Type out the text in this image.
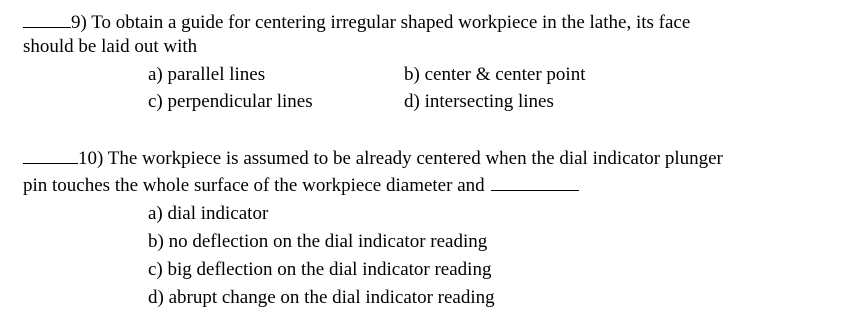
9) To obtain a guide for centering irregular shaped workpiece in the lathe, its face
should be laid out with
a) parallel lines	b) center & center point
c) perpendicular lines	d) intersecting lines
10) The workpiece is assumed to be already centered when the dial indicator plunger
pin touches the whole surface of the workpiece diameter and
a) dial indicator
b) no deflection on the dial indicator reading
c) big deflection on the dial indicator reading
d) abrupt change on the dial indicator reading
